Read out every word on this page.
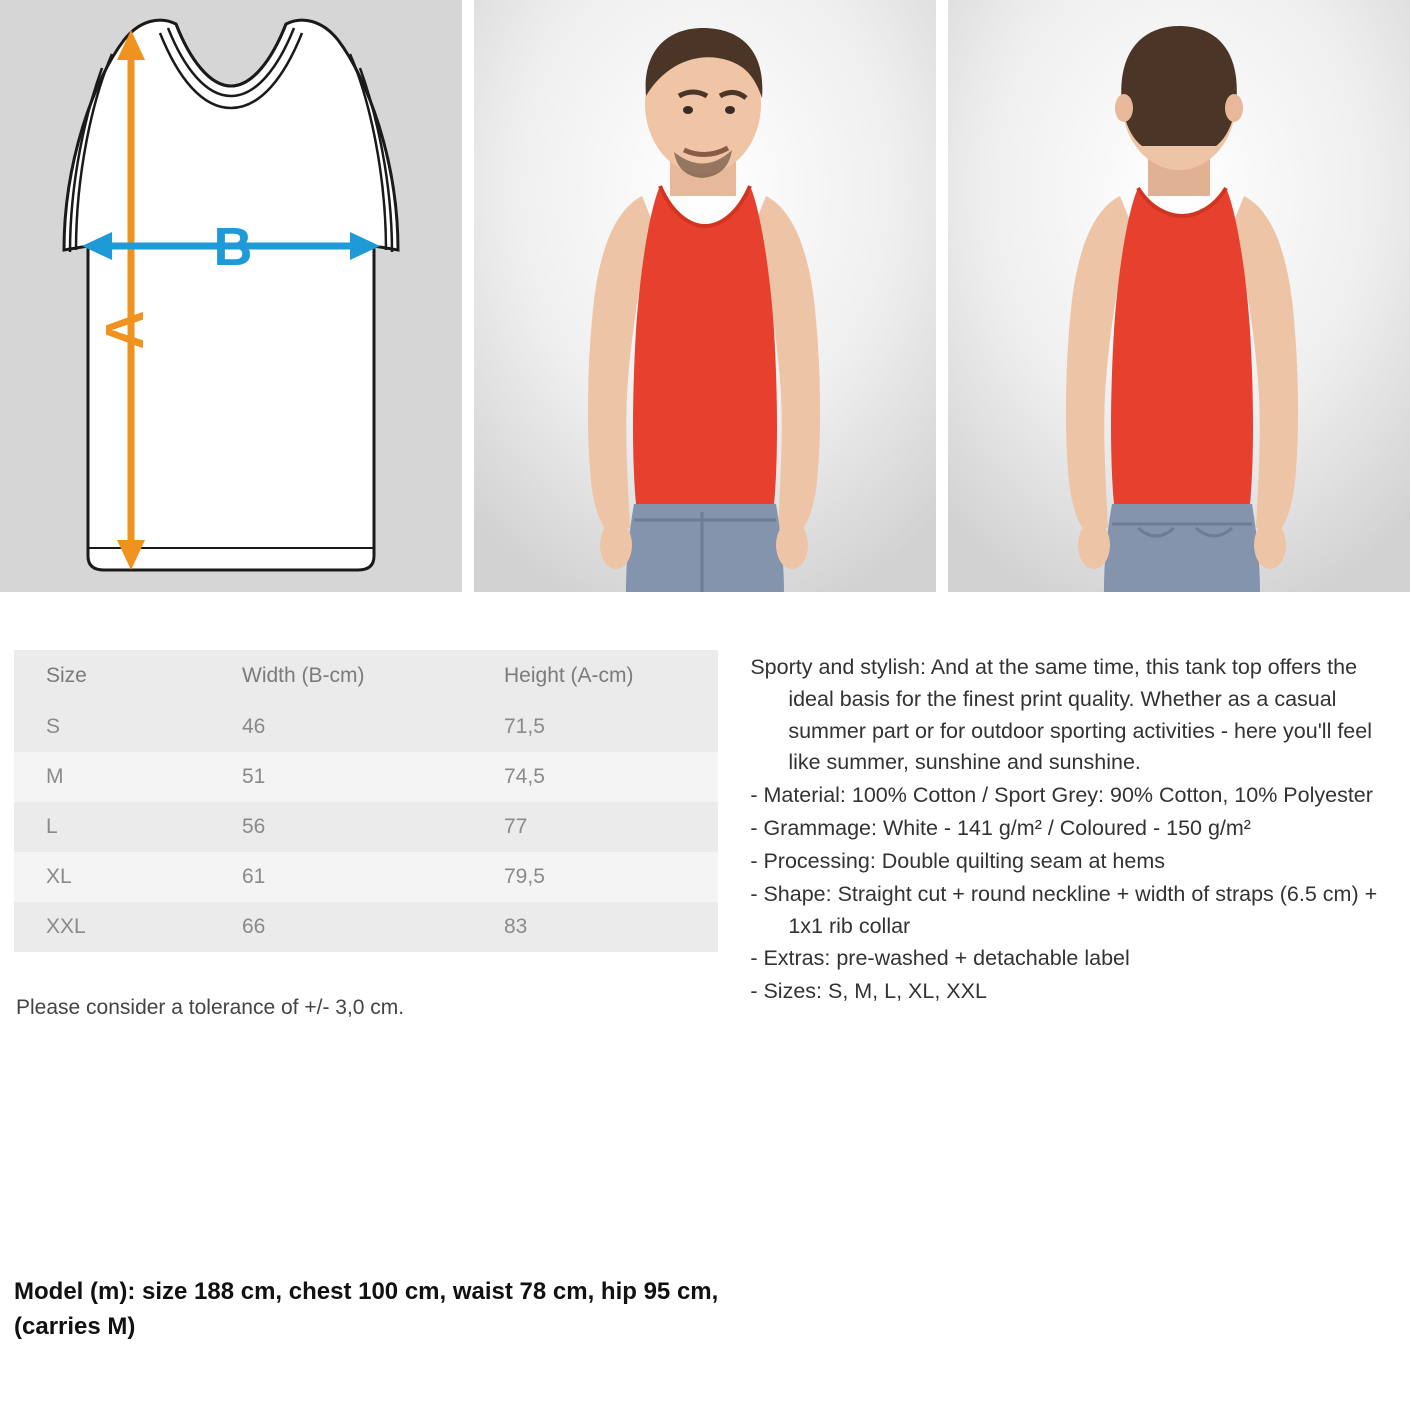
A
B
Size	Width (B-cm)	Height (A-cm)
S	46	71,5
M	51	74,5
L	56	77
XL	61	79,5
XXL	66	83
Please consider a tolerance of +/- 3,0 cm.

Sporty and stylish: And at the same time, this tank top offers the ideal basis for the finest print quality. Whether as a casual summer part or for outdoor sporting activities - here you'll feel like summer, sunshine and sunshine.

- Material: 100% Cotton / Sport Grey: 90% Cotton, 10% Polyester

- Grammage: White - 141 g/m² / Coloured - 150 g/m²

- Processing: Double quilting seam at hems

- Shape: Straight cut + round neckline + width of straps (6.5 cm) + 1x1 rib collar

- Extras: pre-washed + detachable label

- Sizes: S, M, L, XL, XXL

Model (m): size 188 cm, chest 100 cm, waist 78 cm, hip 95 cm, (carries M)
